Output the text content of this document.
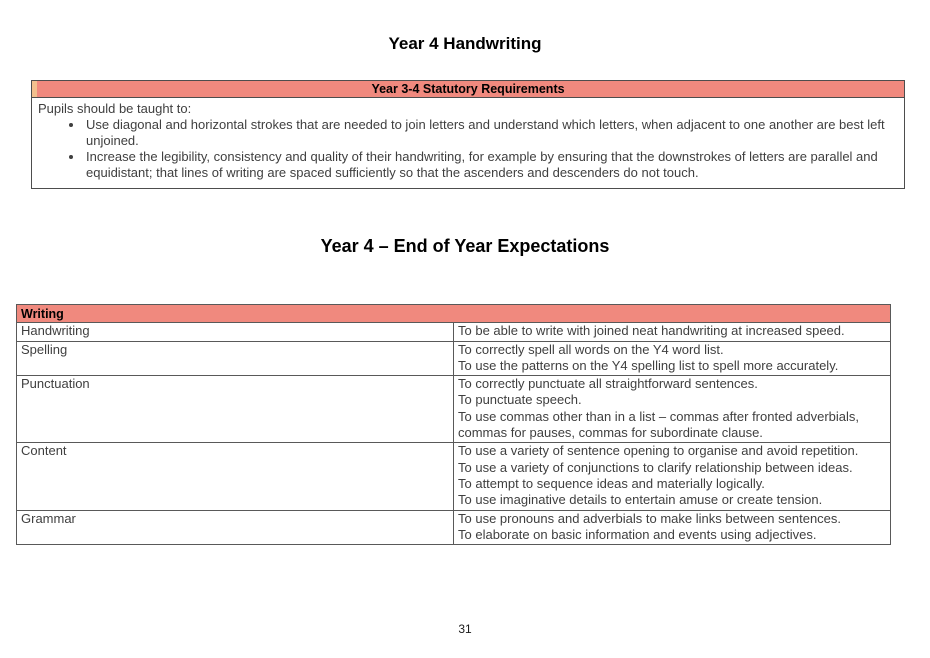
Year 4 Handwriting
Year 3-4 Statutory Requirements
Pupils should be taught to:
• Use diagonal and horizontal strokes that are needed to join letters and understand which letters, when adjacent to one another are best left unjoined.
• Increase the legibility, consistency and quality of their handwriting, for example by ensuring that the downstrokes of letters are parallel and equidistant; that lines of writing are spaced sufficiently so that the ascenders and descenders do not touch.
Year 4 – End of Year Expectations
Writing	
Handwriting	To be able to write with joined neat handwriting at increased speed.

Spelling	To correctly spell all words on the Y4 word list.
To use the patterns on the Y4 spelling list to spell more accurately.

Punctuation	To correctly punctuate all straightforward sentences.
To punctuate speech.
To use commas other than in a list – commas after fronted adverbials, commas for pauses, commas for subordinate clause.

Content	To use a variety of sentence opening to organise and avoid repetition.
To use a variety of conjunctions to clarify relationship between ideas.
To attempt to sequence ideas and materially logically.
To use imaginative details to entertain amuse or create tension.

Grammar	To use pronouns and adverbials to make links between sentences.
To elaborate on basic information and events using adjectives.
31
